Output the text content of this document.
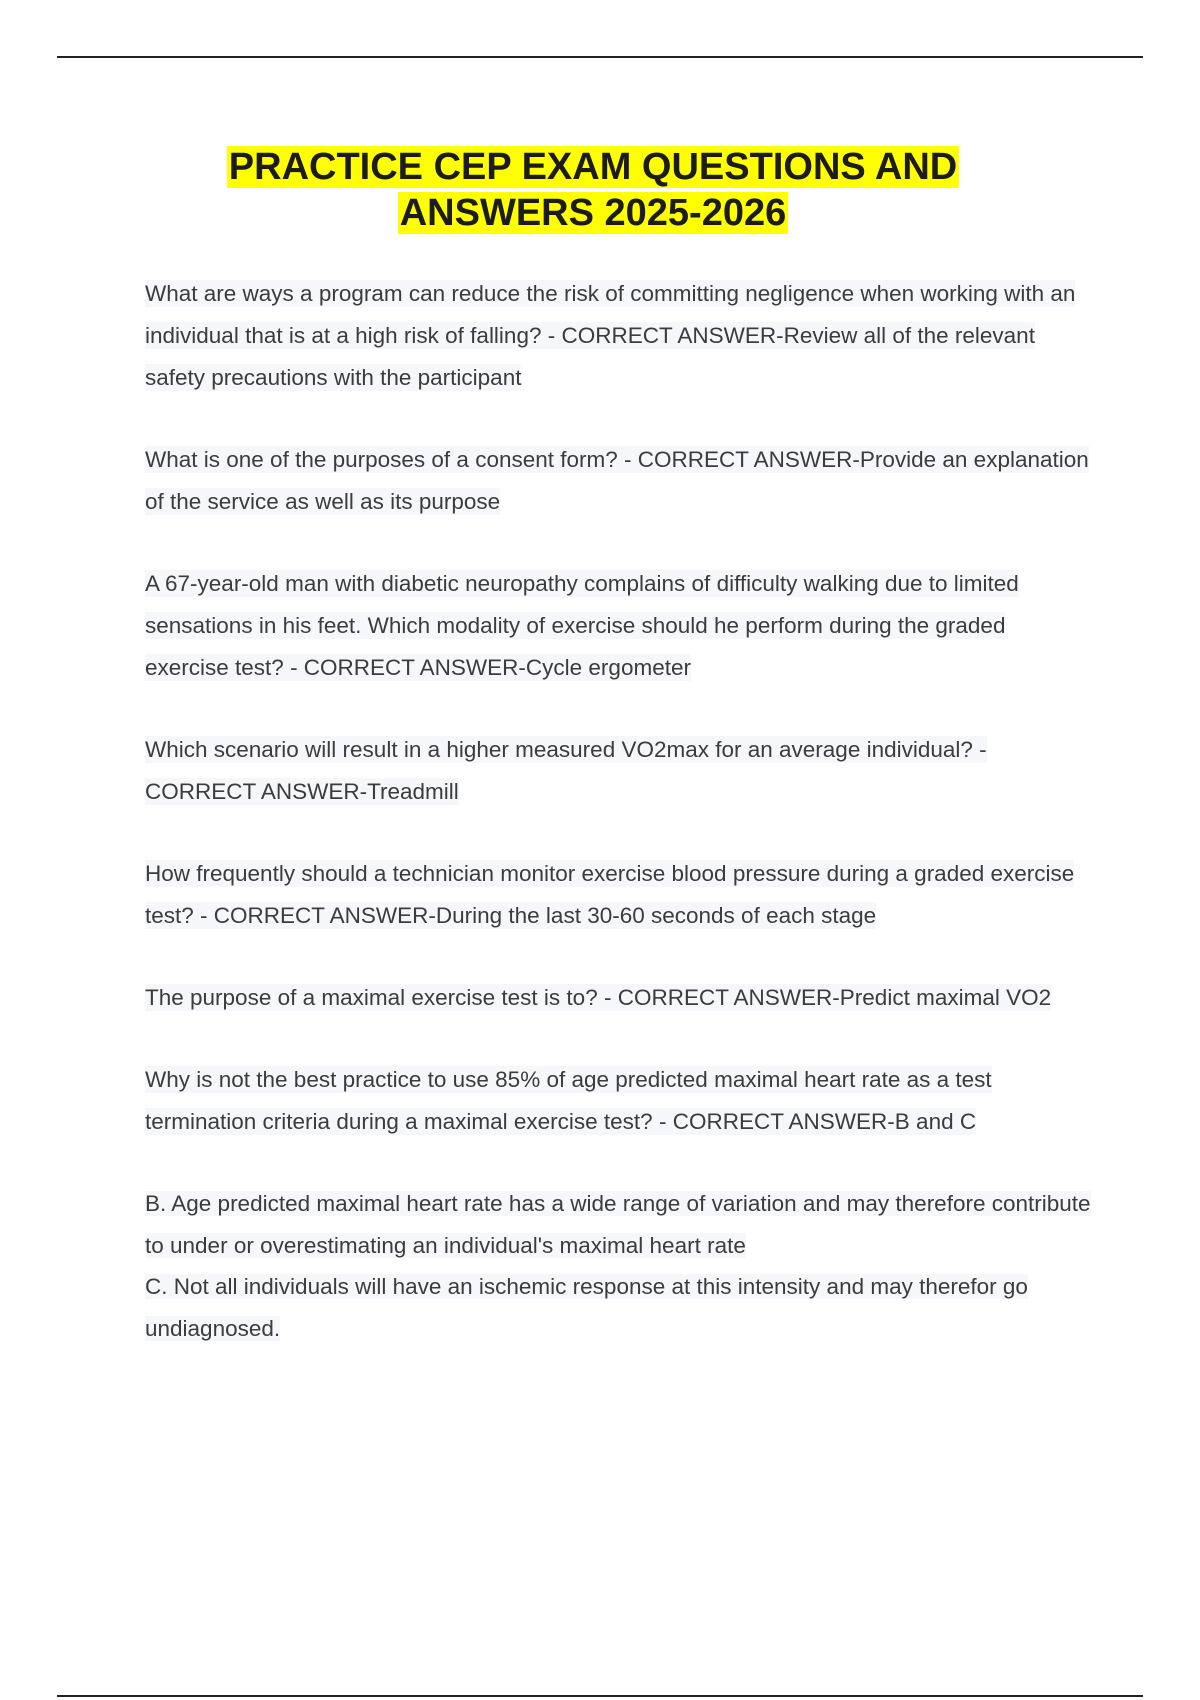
PRACTICE CEP EXAM QUESTIONS AND
ANSWERS 2025-2026

What are ways a program can reduce the risk of committing negligence when working with an individual that is at a high risk of falling? - CORRECT ANSWER-Review all of the relevant safety precautions with the participant

What is one of the purposes of a consent form? - CORRECT ANSWER-Provide an explanation of the service as well as its purpose

A 67-year-old man with diabetic neuropathy complains of difficulty walking due to limited sensations in his feet. Which modality of exercise should he perform during the graded exercise test? - CORRECT ANSWER-Cycle ergometer

Which scenario will result in a higher measured VO2max for an average individual? - CORRECT ANSWER-Treadmill

How frequently should a technician monitor exercise blood pressure during a graded exercise test? - CORRECT ANSWER-During the last 30-60 seconds of each stage

The purpose of a maximal exercise test is to? - CORRECT ANSWER-Predict maximal VO2

Why is not the best practice to use 85% of age predicted maximal heart rate as a test termination criteria during a maximal exercise test? - CORRECT ANSWER-B and C

B. Age predicted maximal heart rate has a wide range of variation and may therefore contribute to under or overestimating an individual's maximal heart rate
C. Not all individuals will have an ischemic response at this intensity and may therefor go undiagnosed.
